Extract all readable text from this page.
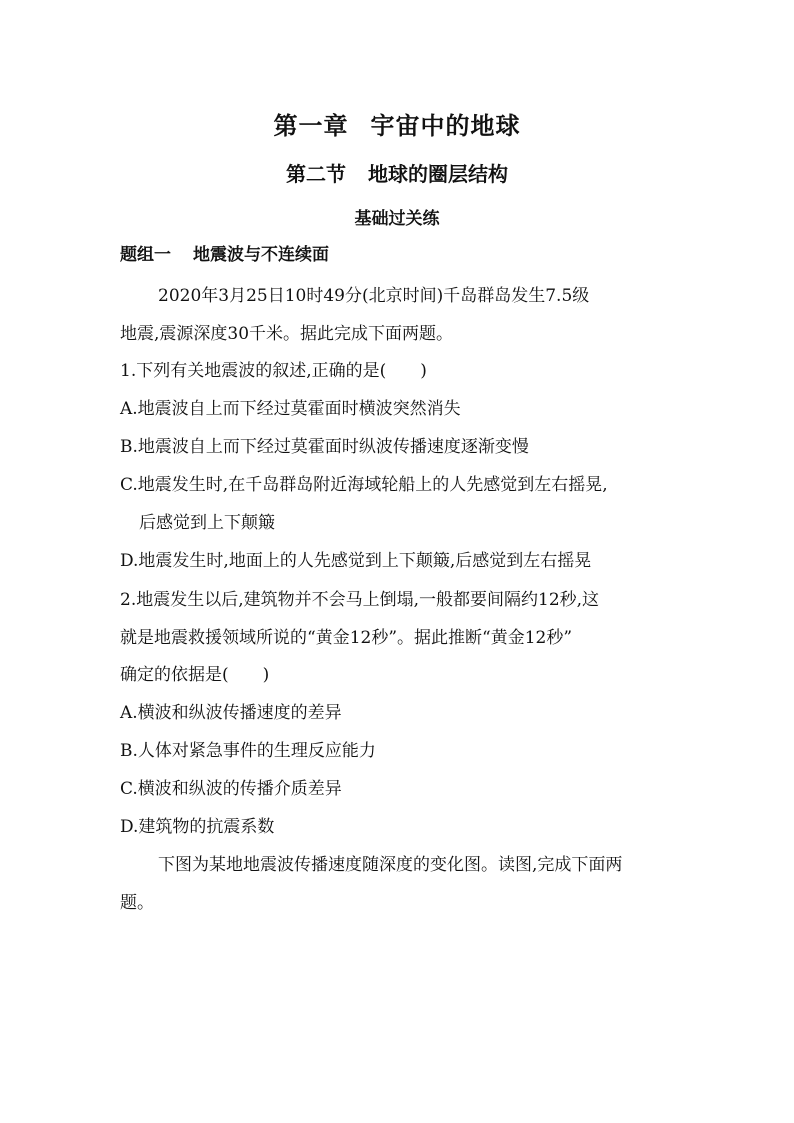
第一章 宇宙中的地球
第二节 地球的圈层结构
基础过关练
题组一 地震波与不连续面
2020年3月25日10时49分(北京时间)千岛群岛发生7.5级
地震,震源深度30千米。据此完成下面两题。
1.下列有关地震波的叙述,正确的是(　　)
A.地震波自上而下经过莫霍面时横波突然消失
B.地震波自上而下经过莫霍面时纵波传播速度逐渐变慢
C.地震发生时,在千岛群岛附近海域轮船上的人先感觉到左右摇晃,
后感觉到上下颠簸
D.地震发生时,地面上的人先感觉到上下颠簸,后感觉到左右摇晃
2.地震发生以后,建筑物并不会马上倒塌,一般都要间隔约12秒,这
就是地震救援领域所说的“黄金12秒”。据此推断“黄金12秒”
确定的依据是(　　)
A.横波和纵波传播速度的差异
B.人体对紧急事件的生理反应能力
C.横波和纵波的传播介质差异
D.建筑物的抗震系数
下图为某地地震波传播速度随深度的变化图。读图,完成下面两
题。
